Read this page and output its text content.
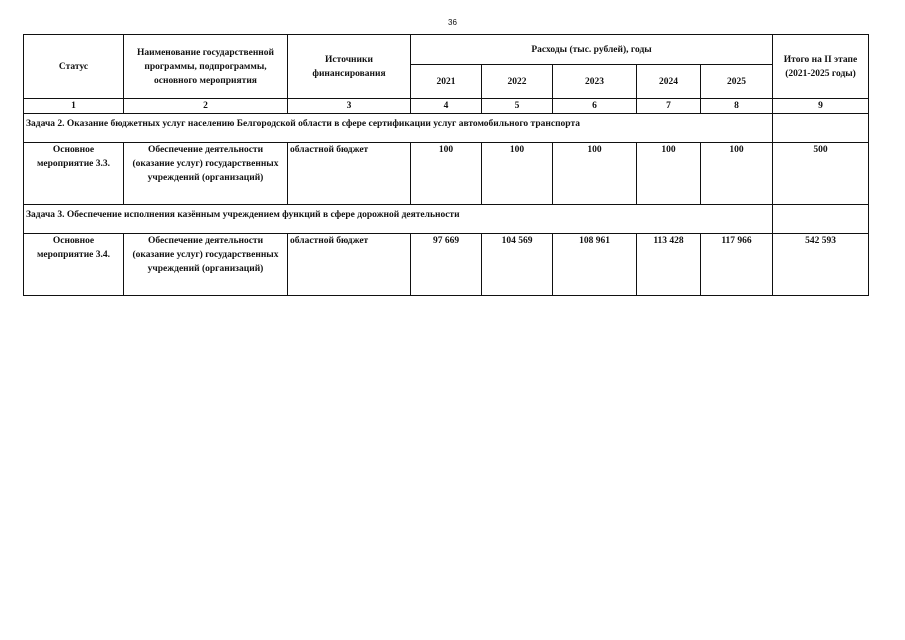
36
Статус	Наименование государственной программы, подпрограммы, основного мероприятия	Источники финансирования	Расходы (тыс. рублей), годы					Итого на II этапе (2021-2025 годы)
			2021	2022	2023	2024	2025	
1	2	3	4	5	6	7	8	9
Задача 2. Оказание бюджетных услуг населению Белгородской области в сфере сертификации услуг автомобильного транспорта								
Основное мероприятие 3.3.	Обеспечение деятельности (оказание услуг) государственных учреждений (организаций)	областной бюджет	100	100	100	100	100	500
Задача 3. Обеспечение исполнения казённым учреждением функций в сфере дорожной деятельности								
Основное мероприятие 3.4.	Обеспечение деятельности (оказание услуг) государственных учреждений (организаций)	областной бюджет	97 669	104 569	108 961	113 428	117 966	542 593
